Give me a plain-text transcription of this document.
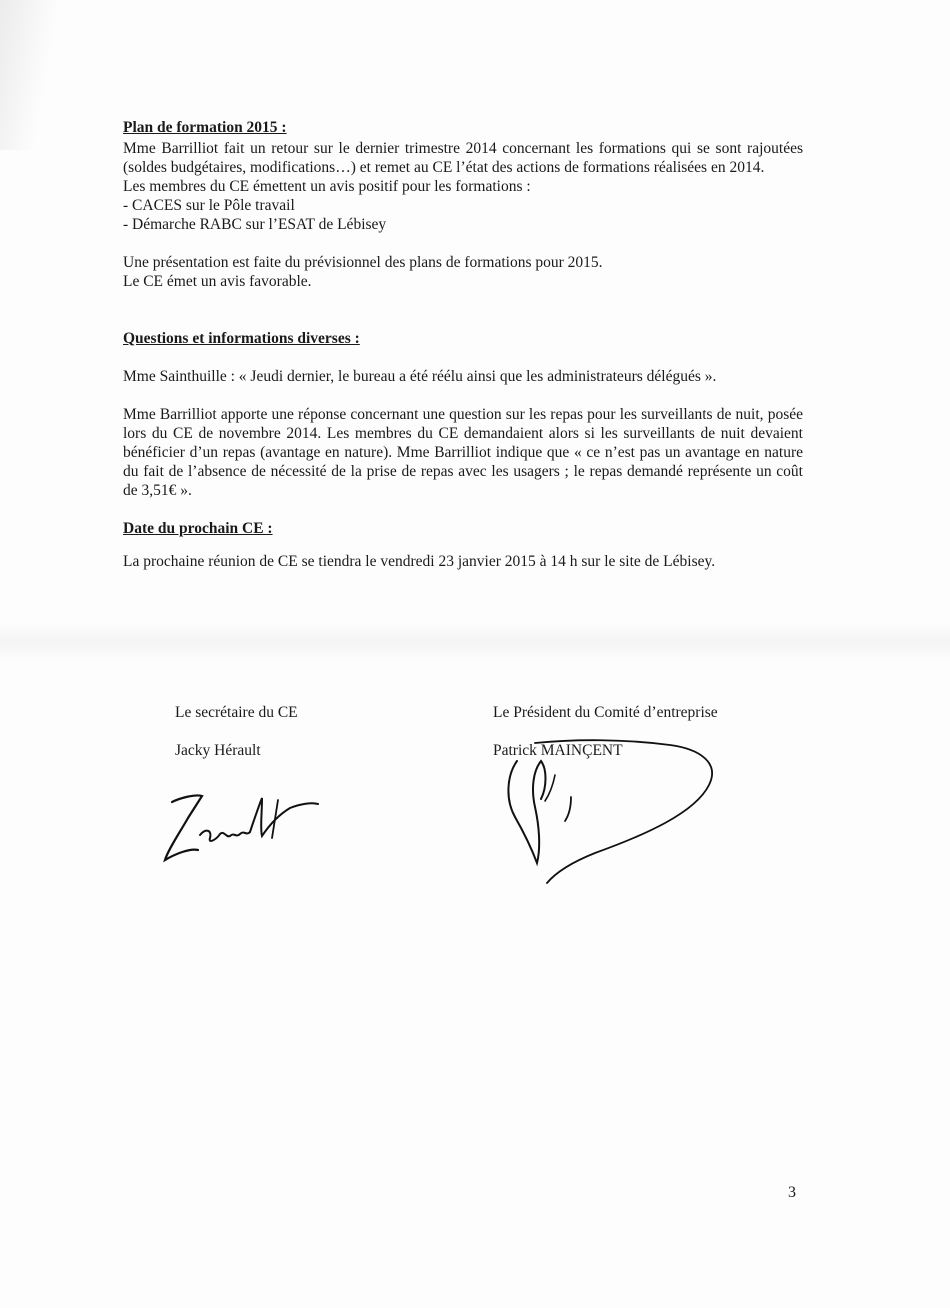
Plan de formation 2015 :

Mme Barrilliot fait un retour sur le dernier trimestre 2014 concernant les formations qui se sont rajoutées (soldes budgétaires, modifications…) et remet au CE l’état des actions de formations réalisées en 2014.

Les membres du CE émettent un avis positif pour les formations :

- CACES sur le Pôle travail

- Démarche RABC sur l’ESAT de Lébisey

Une présentation est faite du prévisionnel des plans de formations pour 2015.

Le CE émet un avis favorable.

Questions et informations diverses :

Mme Sainthuille : « Jeudi dernier, le bureau a été réélu ainsi que les administrateurs délégués ».

Mme Barrilliot apporte une réponse concernant une question sur les repas pour les surveillants de nuit, posée lors du CE de novembre 2014. Les membres du CE demandaient alors si les surveillants de nuit devaient bénéficier d’un repas (avantage en nature). Mme Barrilliot indique que « ce n’est pas un avantage en nature du fait de l’absence de nécessité de la prise de repas avec les usagers ; le repas demandé représente un coût de 3,51€ ».

Date du prochain CE :

La prochaine réunion de CE se tiendra le vendredi 23 janvier 2015 à 14 h sur le site de Lébisey.

Le secrétaire du CE
Jacky Hérault
Le Président du Comité d’entreprise
Patrick MAINÇENT
3
